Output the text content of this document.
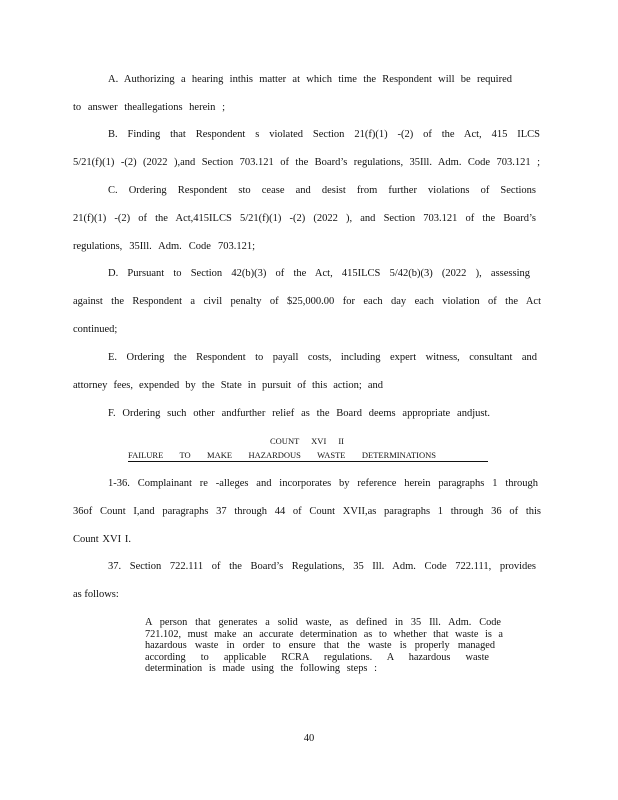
A. Authorizing a hearing inthis matter at which time the Respondent will be required
to answer theallegations herein ;
B. Finding that Respondent s violated Section 21(f)(1) -(2) of the Act, 415 ILCS
5/21(f)(1) -(2) (2022 ),and Section 703.121 of the Board’s regulations, 35Ill. Adm. Code 703.121 ;
C. Ordering Respondent sto cease and desist from further violations of Sections
21(f)(1) -(2) of the Act,415ILCS 5/21(f)(1) -(2) (2022 ), and Section 703.121 of the Board’s
regulations, 35Ill. Adm. Code 703.121;
D. Pursuant to Section 42(b)(3) of the Act, 415ILCS 5/42(b)(3) (2022 ), assessing
against the Respondent a civil penalty of $25,000.00 for each day each violation of the Act
continued;
E. Ordering the Respondent to payall costs, including expert witness, consultant and
attorney fees, expended by the State in pursuit of this action; and
F. Ordering such other andfurther relief as the Board deems appropriate andjust.
COUNT XVI II
FAILURE TO MAKE HAZARDOUS WASTE DETERMINATIONS
1-36. Complainant re -alleges and incorporates by reference herein paragraphs 1 through
36of Count I,and paragraphs 37 through 44 of Count XVII,as paragraphs 1 through 36 of this
Count XVI I.
37. Section 722.111 of the Board’s Regulations, 35 Ill. Adm. Code 722.111, provides
as follows:
A person that generates a solid waste, as defined in 35 Ill. Adm. Code
721.102, must make an accurate determination as to whether that waste is a
hazardous waste in order to ensure that the waste is properly managed
according to applicable RCRA regulations. A hazardous waste
determination is made using the following steps :
40
